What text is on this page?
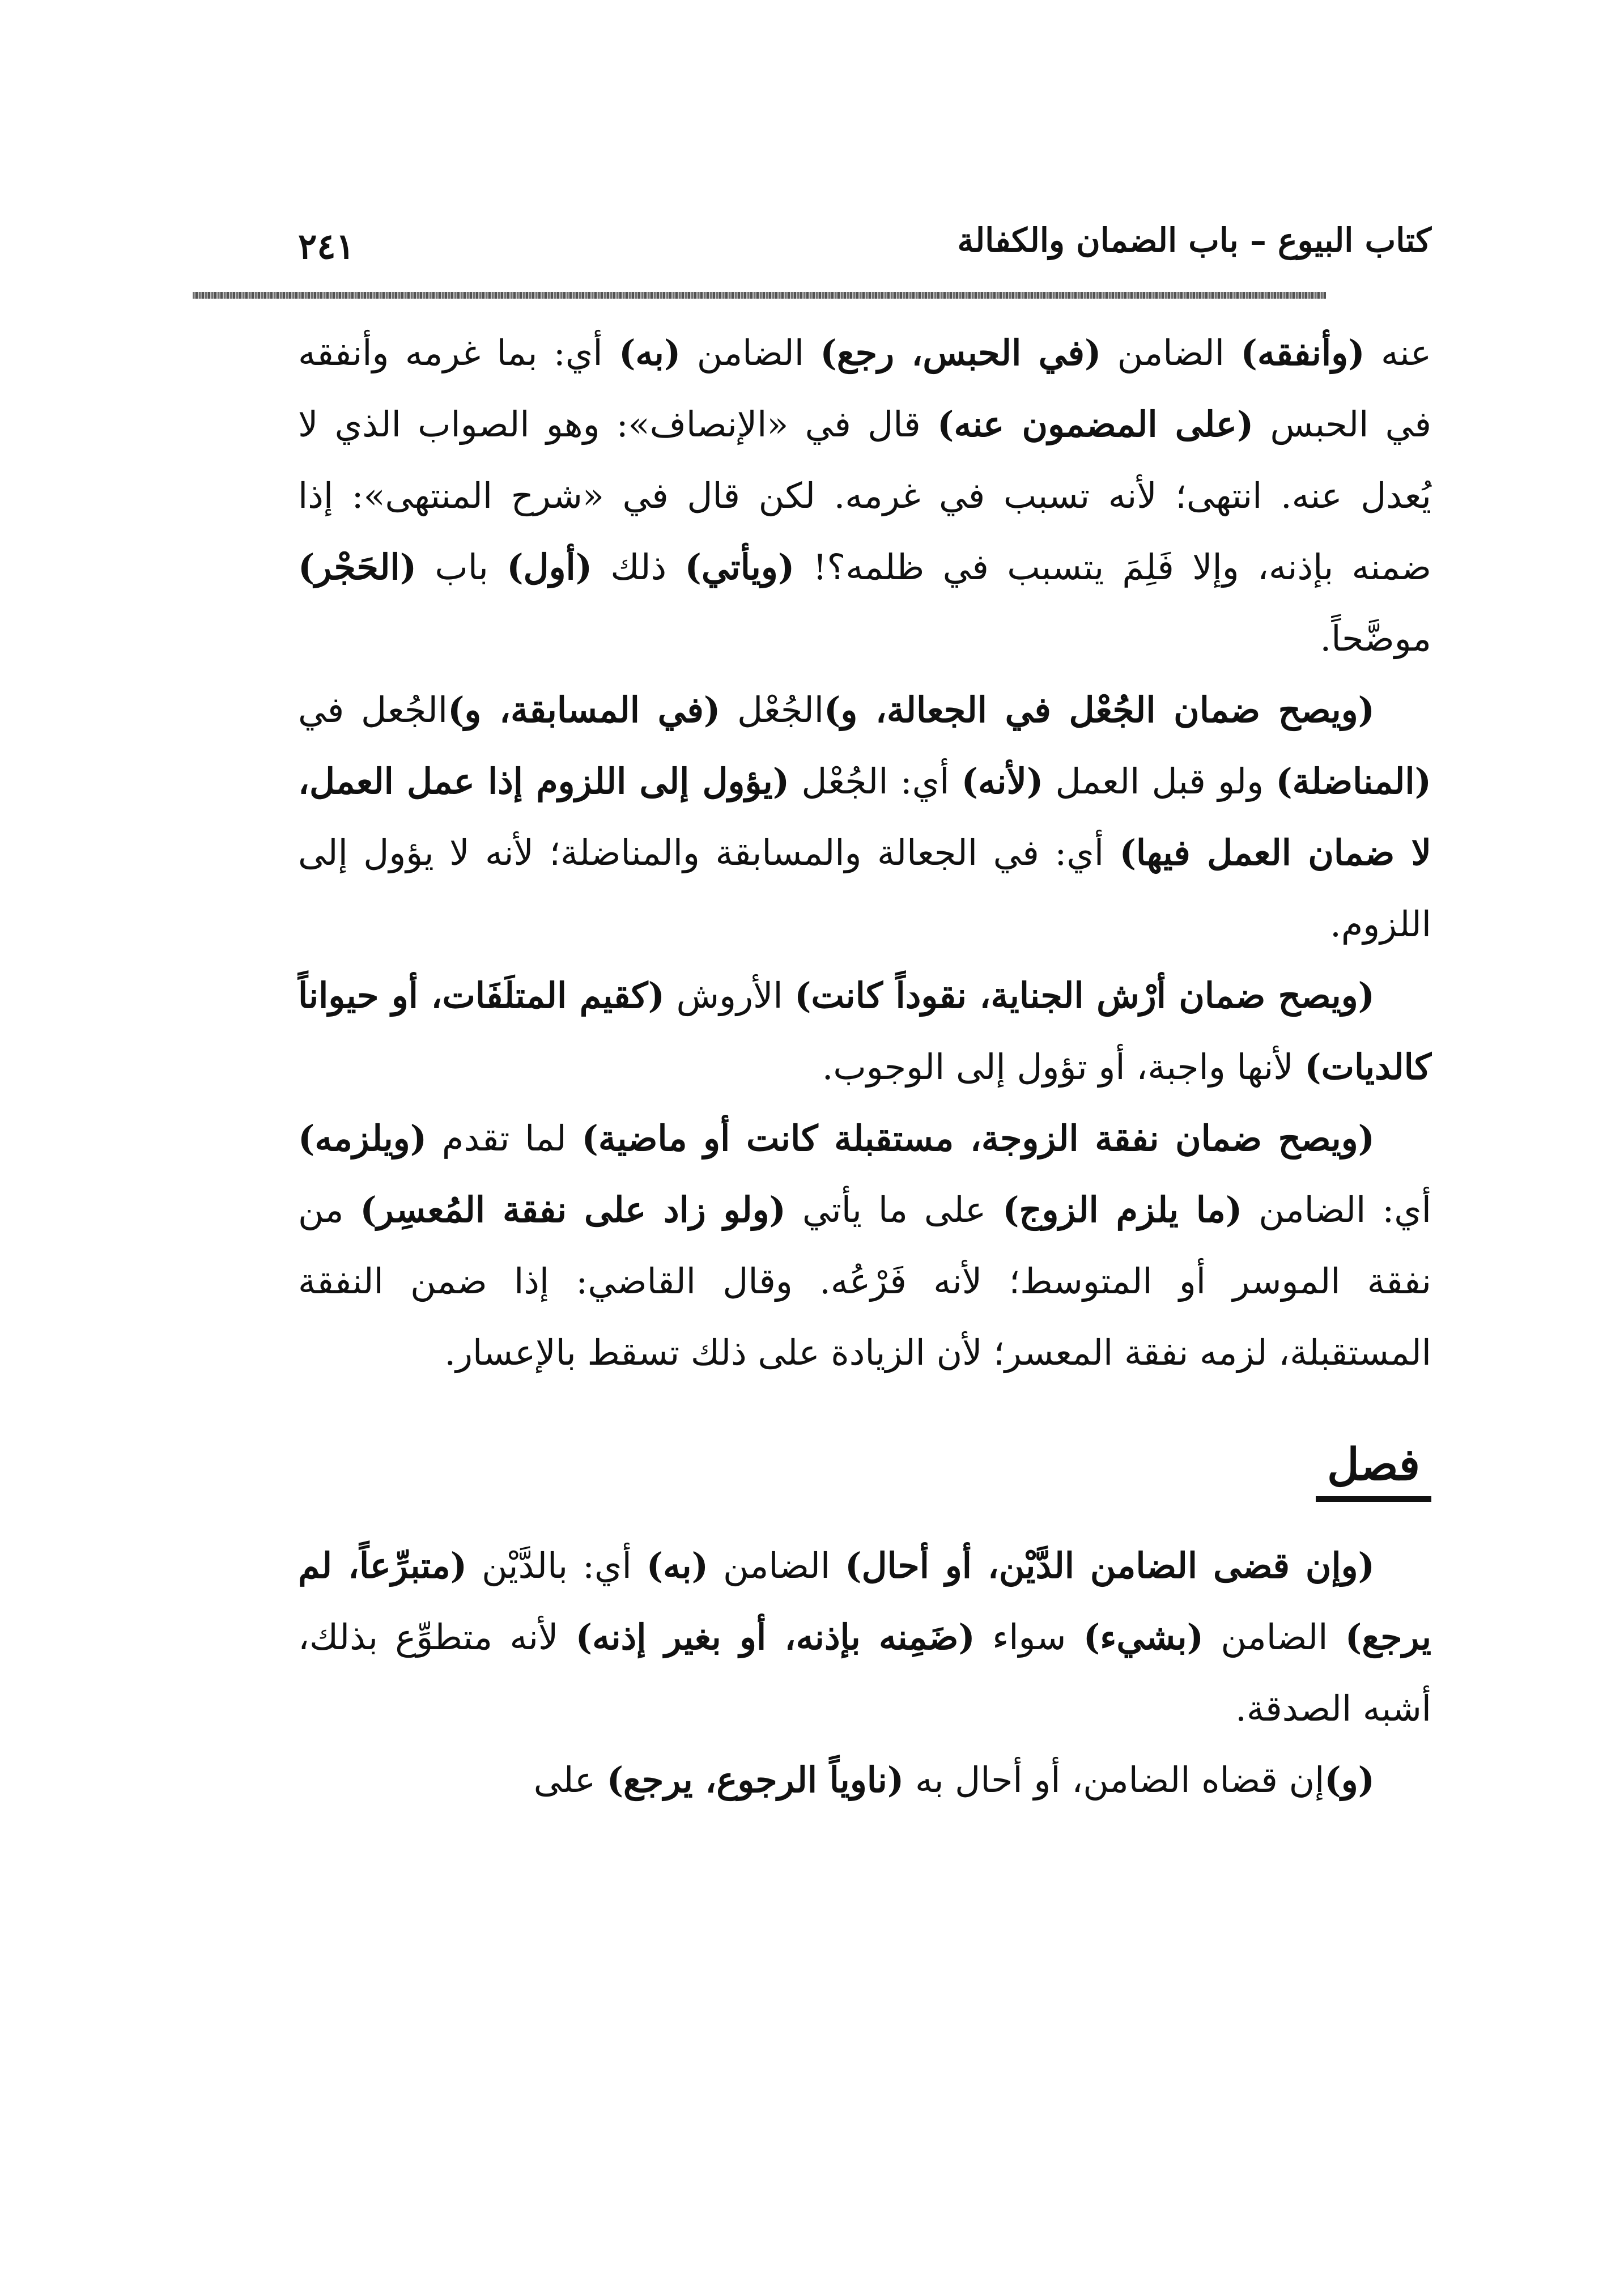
٢٤١	كتاب البيوع – باب الضمان والكفالة

عنه (وأنفقه) الضامن (في الحبس، رجع) الضامن (به) أي: بما غرمه وأنفقه في الحبس (على المضمون عنه) قال في «الإنصاف»: وهو الصواب الذي لا يُعدل عنه. انتهى؛ لأنه تسبب في غرمه. لكن قال في «شرح المنتهى»: إذا ضمنه بإذنه، وإلا فَلِمَ يتسبب في ظلمه؟! (ويأتي) ذلك (أول) باب (الحَجْر) موضَّحاً.

(ويصح ضمان الجُعْل في الجعالة، و)الجُعْل (في المسابقة، و)الجُعل في (المناضلة) ولو قبل العمل (لأنه) أي: الجُعْل (يؤول إلى اللزوم إذا عمل العمل، لا ضمان العمل فيها) أي: في الجعالة والمسابقة والمناضلة؛ لأنه لا يؤول إلى اللزوم.

(ويصح ضمان أرْش الجناية، نقوداً كانت) الأروش (كقيم المتلَفَات، أو حيواناً كالديات) لأنها واجبة، أو تؤول إلى الوجوب.

(ويصح ضمان نفقة الزوجة، مستقبلة كانت أو ماضية) لما تقدم (ويلزمه) أي: الضامن (ما يلزم الزوج) على ما يأتي (ولو زاد على نفقة المُعسِر) من نفقة الموسر أو المتوسط؛ لأنه فَرْعُه. وقال القاضي: إذا ضمن النفقة المستقبلة، لزمه نفقة المعسر؛ لأن الزيادة على ذلك تسقط بالإعسار.

فصل

(وإن قضى الضامن الدَّيْن، أو أحال) الضامن (به) أي: بالدَّيْن (متبرِّعاً، لم يرجع) الضامن (بشيء) سواء (ضَمِنه بإذنه، أو بغير إذنه) لأنه متطوِّع بذلك، أشبه الصدقة.

(و)إن قضاه الضامن، أو أحال به (ناوياً الرجوع، يرجع) على
